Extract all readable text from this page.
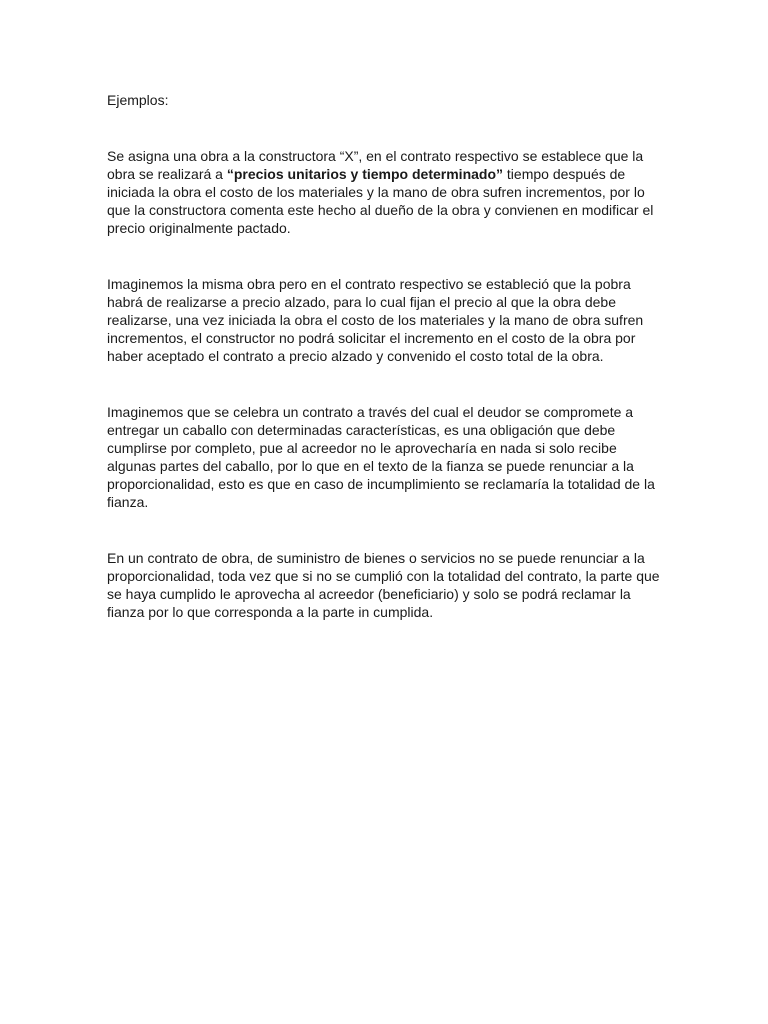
Ejemplos:
Se asigna una obra a la constructora “X”, en el contrato respectivo se establece que la
obra se realizará a “precios unitarios y tiempo determinado” tiempo después de
iniciada la obra el costo de los materiales y la mano de obra sufren incrementos, por lo
que la constructora comenta este hecho al dueño de la obra y convienen en modificar el
precio originalmente pactado.
Imaginemos la misma obra pero en el contrato respectivo se estableció que la pobra
habrá de realizarse a precio alzado, para lo cual fijan el precio al que la obra debe
realizarse, una vez iniciada la obra el costo de los materiales y la mano de obra sufren
incrementos, el constructor no podrá solicitar el incremento en el costo de la obra por
haber aceptado el contrato a precio alzado y convenido el costo total de la obra.
Imaginemos que se celebra un contrato a través del cual el deudor se compromete a
entregar un caballo con determinadas características, es una obligación que debe
cumplirse por completo, pue al acreedor no le aprovecharía en nada si solo recibe
algunas partes del caballo, por lo que en el texto de la fianza se puede renunciar a la
proporcionalidad, esto es que en caso de incumplimiento se reclamaría la totalidad de la
fianza.
En un contrato de obra, de suministro de bienes o servicios no se puede renunciar a la
proporcionalidad, toda vez que si no se cumplió con la totalidad del contrato, la parte que
se haya cumplido le aprovecha al acreedor (beneficiario) y solo se podrá reclamar la
fianza por lo que corresponda a la parte in cumplida.
